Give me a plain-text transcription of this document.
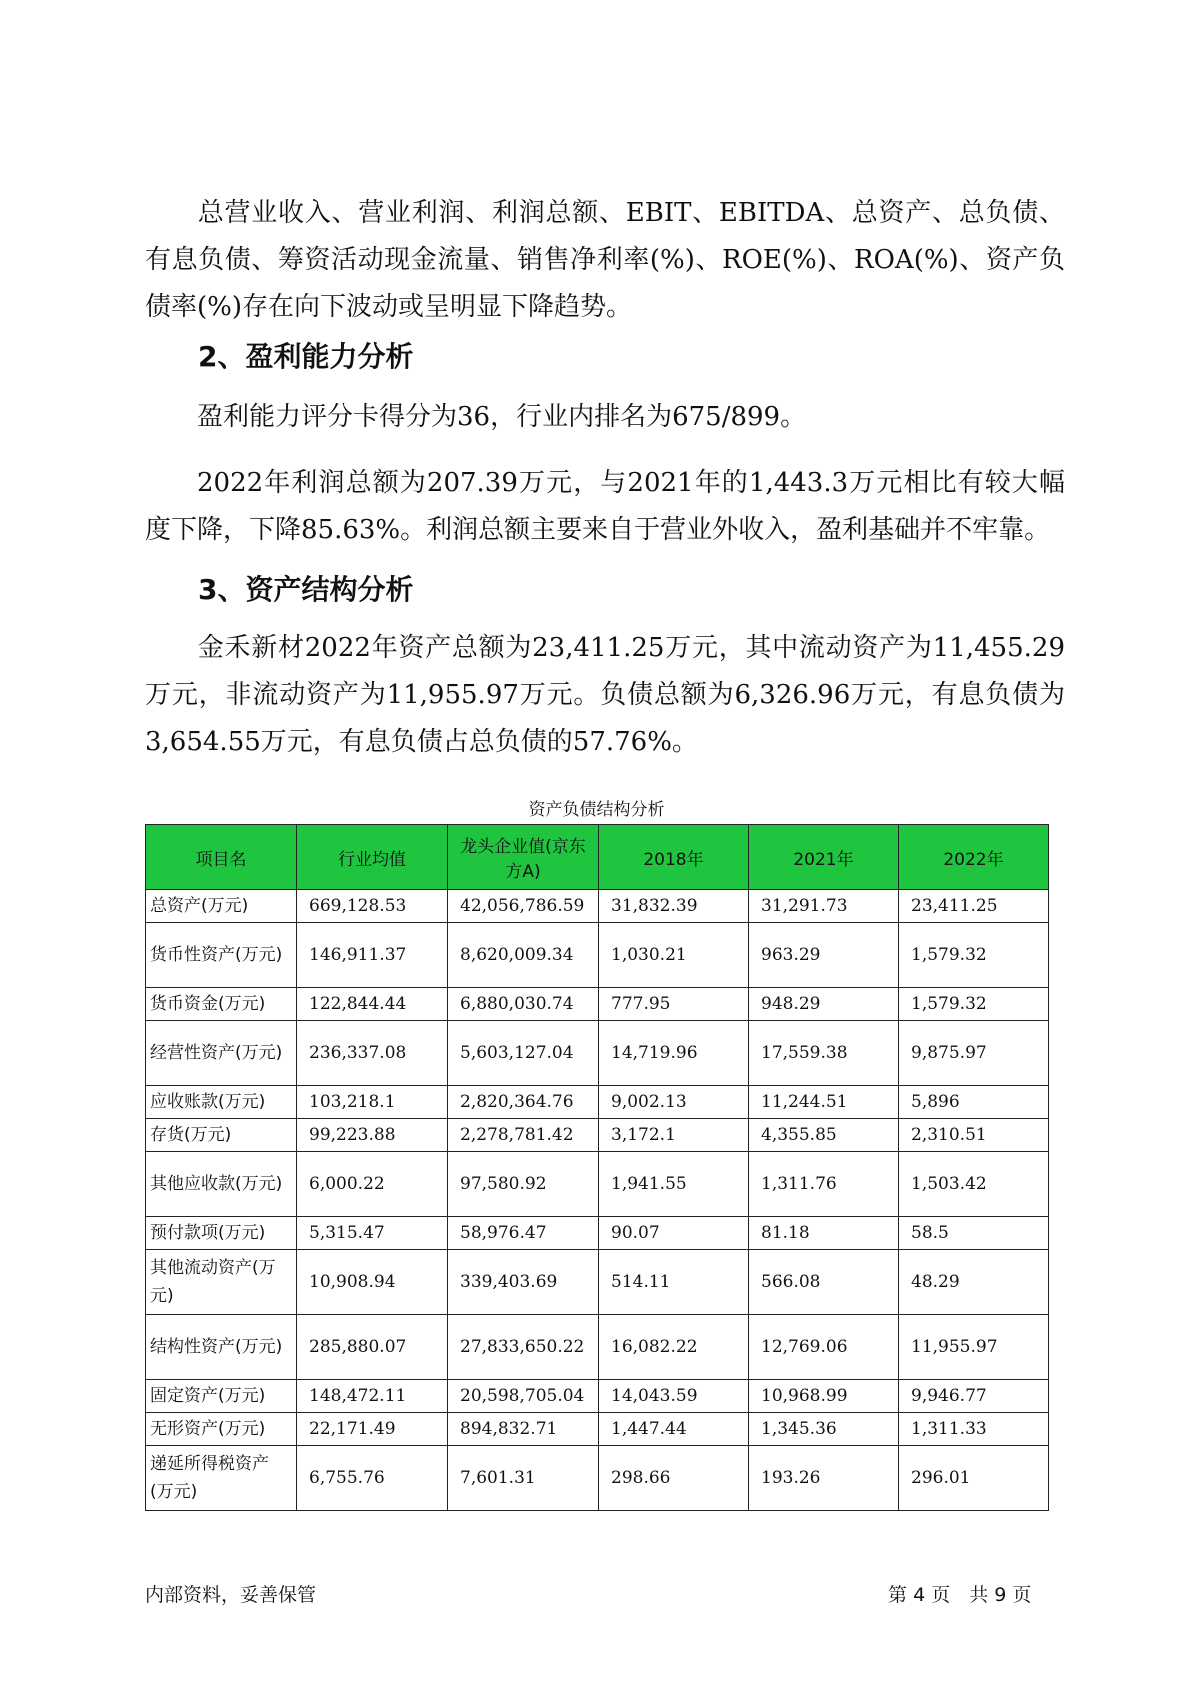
总营业收入、营业利润、利润总额、EBIT、EBITDA、总资产、总负债、有息负债、筹资活动现金流量、销售净利率(%)、ROE(%)、ROA(%)、资产负债率(%)存在向下波动或呈明显下降趋势。

2、盈利能力分析

盈利能力评分卡得分为36，行业内排名为675/899。

2022年利润总额为207.39万元，与2021年的1,443.3万元相比有较大幅度下降，下降85.63%。利润总额主要来自于营业外收入，盈利基础并不牢靠。

3、资产结构分析

金禾新材2022年资产总额为23,411.25万元，其中流动资产为11,455.29万元，非流动资产为11,955.97万元。负债总额为6,326.96万元，有息负债为3,654.55万元，有息负债占总负债的57.76%。

资产负债结构分析
项目名	行业均值	龙头企业值(京东方A)	2018年	2021年	2022年
总资产(万元)	669,128.53	42,056,786.59	31,832.39	31,291.73	23,411.25
货币性资产(万元)	146,911.37	8,620,009.34	1,030.21	963.29	1,579.32
货币资金(万元)	122,844.44	6,880,030.74	777.95	948.29	1,579.32
经营性资产(万元)	236,337.08	5,603,127.04	14,719.96	17,559.38	9,875.97
应收账款(万元)	103,218.1	2,820,364.76	9,002.13	11,244.51	5,896
存货(万元)	99,223.88	2,278,781.42	3,172.1	4,355.85	2,310.51
其他应收款(万元)	6,000.22	97,580.92	1,941.55	1,311.76	1,503.42
预付款项(万元)	5,315.47	58,976.47	90.07	81.18	58.5
其他流动资产(万元)	10,908.94	339,403.69	514.11	566.08	48.29
结构性资产(万元)	285,880.07	27,833,650.22	16,082.22	12,769.06	11,955.97
固定资产(万元)	148,472.11	20,598,705.04	14,043.59	10,968.99	9,946.77
无形资产(万元)	22,171.49	894,832.71	1,447.44	1,345.36	1,311.33
递延所得税资产(万元)	6,755.76	7,601.31	298.66	193.26	296.01
内部资料，妥善保管	第 4 页　共 9 页
